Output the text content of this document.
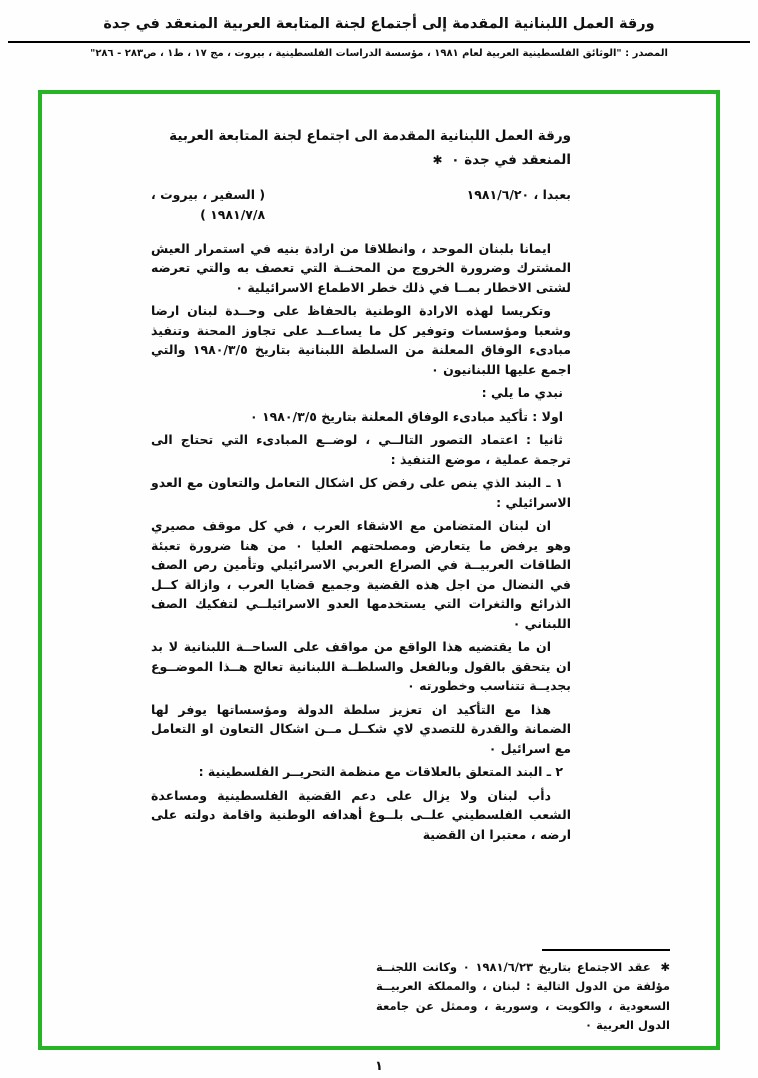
ورقة العمل اللبنانية المقدمة إلى أجتماع لجنة المتابعة العربية المنعقد في جدة

المصدر : "الوثائق الفلسطينية العربية لعام ١٩٨١ ، مؤسسة الدراسات الفلسطينية ، بيروت ، مج ١٧ ، ط١ ، ص٢٨٣ - ٢٨٦"

ورقة العمل اللبنانية المقدمة الى اجتماع لجنة المتابعة العربية المنعقد في جدة ٠ ✱
بعبدا ، ١٩٨١/٦/٢٠
( السفير ، بيروت ،
١٩٨١/٧/٨ )

ايمانا بلبنان الموحد ، وانطلاقا من ارادة بنيه في استمرار العيش المشترك وضرورة الخروج من المحنــة التي تعصف به والتي تعرضه لشتى الاخطار بمــا في ذلك خطر الاطماع الاسرائيلية ٠

وتكريسا لهذه الارادة الوطنية بالحفاظ على وحــدة لبنان ارضا وشعبا ومؤسسات وتوفير كل ما يساعــد على تجاوز المحنة وتنفيذ مبادىء الوفاق المعلنة من السلطة اللبنانية بتاريخ ١٩٨٠/٣/٥ والتي اجمع عليها اللبنانيون ٠

نبدي ما يلي :

اولا : تأكيد مبادىء الوفاق المعلنة بتاريخ ١٩٨٠/٣/٥ ٠

ثانيا : اعتماد التصور التالــي ، لوضــع المبادىء التي تحتاج الى ترجمة عملية ، موضع التنفيذ :

١ ـ البند الذي ينص على رفض كل اشكال التعامل والتعاون مع العدو الاسرائيلي :

ان لبنان المتضامن مع الاشقاء العرب ، في كل موقف مصيري وهو يرفض ما يتعارض ومصلحتهم العليا ٠ من هنا ضرورة تعبئة الطاقات العربيــة في الصراع العربي الاسرائيلي وتأمين رص الصف في النضال من اجل هذه القضية وجميع قضايا العرب ، وازالة كــل الذرائع والثغرات التي يستخدمها العدو الاسرائيلــي لتفكيك الصف اللبناني ٠

ان ما يقتضيه هذا الواقع من مواقف على الساحــة اللبنانية لا بد ان يتحقق بالقول وبالفعل والسلطــة اللبنانية تعالج هــذا الموضــوع بجديــة تتناسب وخطورته ٠

هذا مع التأكيد ان تعزيز سلطة الدولة ومؤسساتها يوفر لها الضمانة والقدرة للتصدي لاي شكــل مــن اشكال التعاون او التعامل مع اسرائيل ٠

٢ ـ البند المتعلق بالعلاقات مع منظمة التحريــر الفلسطينية :

دأب لبنان ولا يزال على دعم القضية الفلسطينية ومساعدة الشعب الفلسطيني علــى بلــوغ أهدافه الوطنية واقامة دولته على ارضه ، معتبرا ان القضية

✱ عقد الاجتماع بتاريخ ١٩٨١/٦/٢٣ ٠ وكانت اللجنــة مؤلفة من الدول التالية : لبنان ، والمملكة العربيــة السعودية ، والكويت ، وسورية ، وممثل عن جامعة الدول العربية ٠

١
